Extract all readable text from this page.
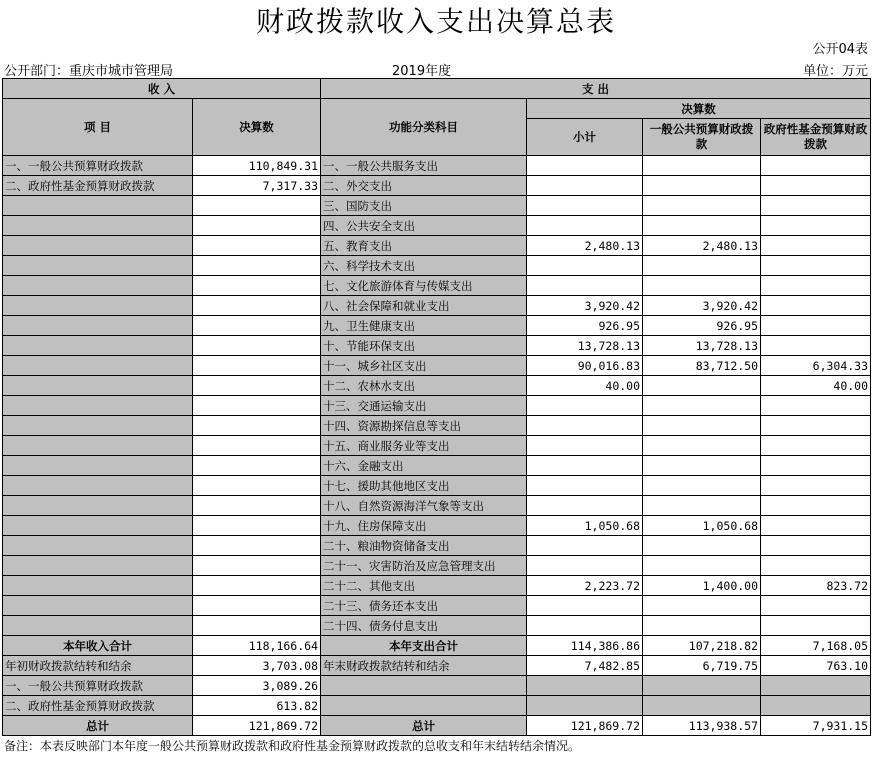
财政拨款收入支出决算总表
公开04表
公开部门：重庆市城市管理局	2019年度	单位：万元
收 入		支 出			
项 目	决算数	功能分类科目	决算数		
			小计	一般公共预算财政拨款	政府性基金预算财政拨款
一、一般公共预算财政拨款	110,849.31	一、一般公共服务支出			
二、政府性基金预算财政拨款	7,317.33	二、外交支出			
		三、国防支出			
		四、公共安全支出			
		五、教育支出	2,480.13	2,480.13	
		六、科学技术支出			
		七、文化旅游体育与传媒支出			
		八、社会保障和就业支出	3,920.42	3,920.42	
		九、卫生健康支出	926.95	926.95	
		十、节能环保支出	13,728.13	13,728.13	
		十一、城乡社区支出	90,016.83	83,712.50	6,304.33
		十二、农林水支出	40.00		40.00
		十三、交通运输支出			
		十四、资源勘探信息等支出			
		十五、商业服务业等支出			
		十六、金融支出			
		十七、援助其他地区支出			
		十八、自然资源海洋气象等支出			
		十九、住房保障支出	1,050.68	1,050.68	
		二十、粮油物资储备支出			
		二十一、灾害防治及应急管理支出			
		二十二、其他支出	2,223.72	1,400.00	823.72
		二十三、债务还本支出			
		二十四、债务付息支出			
本年收入合计	118,166.64	本年支出合计	114,386.86	107,218.82	7,168.05
年初财政拨款结转和结余	3,703.08	年末财政拨款结转和结余	7,482.85	6,719.75	763.10
一、一般公共预算财政拨款	3,089.26				
二、政府性基金预算财政拨款	613.82				
总计	121,869.72	总计	121,869.72	113,938.57	7,931.15
备注：本表反映部门本年度一般公共预算财政拨款和政府性基金预算财政拨款的总收支和年末结转结余情况。
